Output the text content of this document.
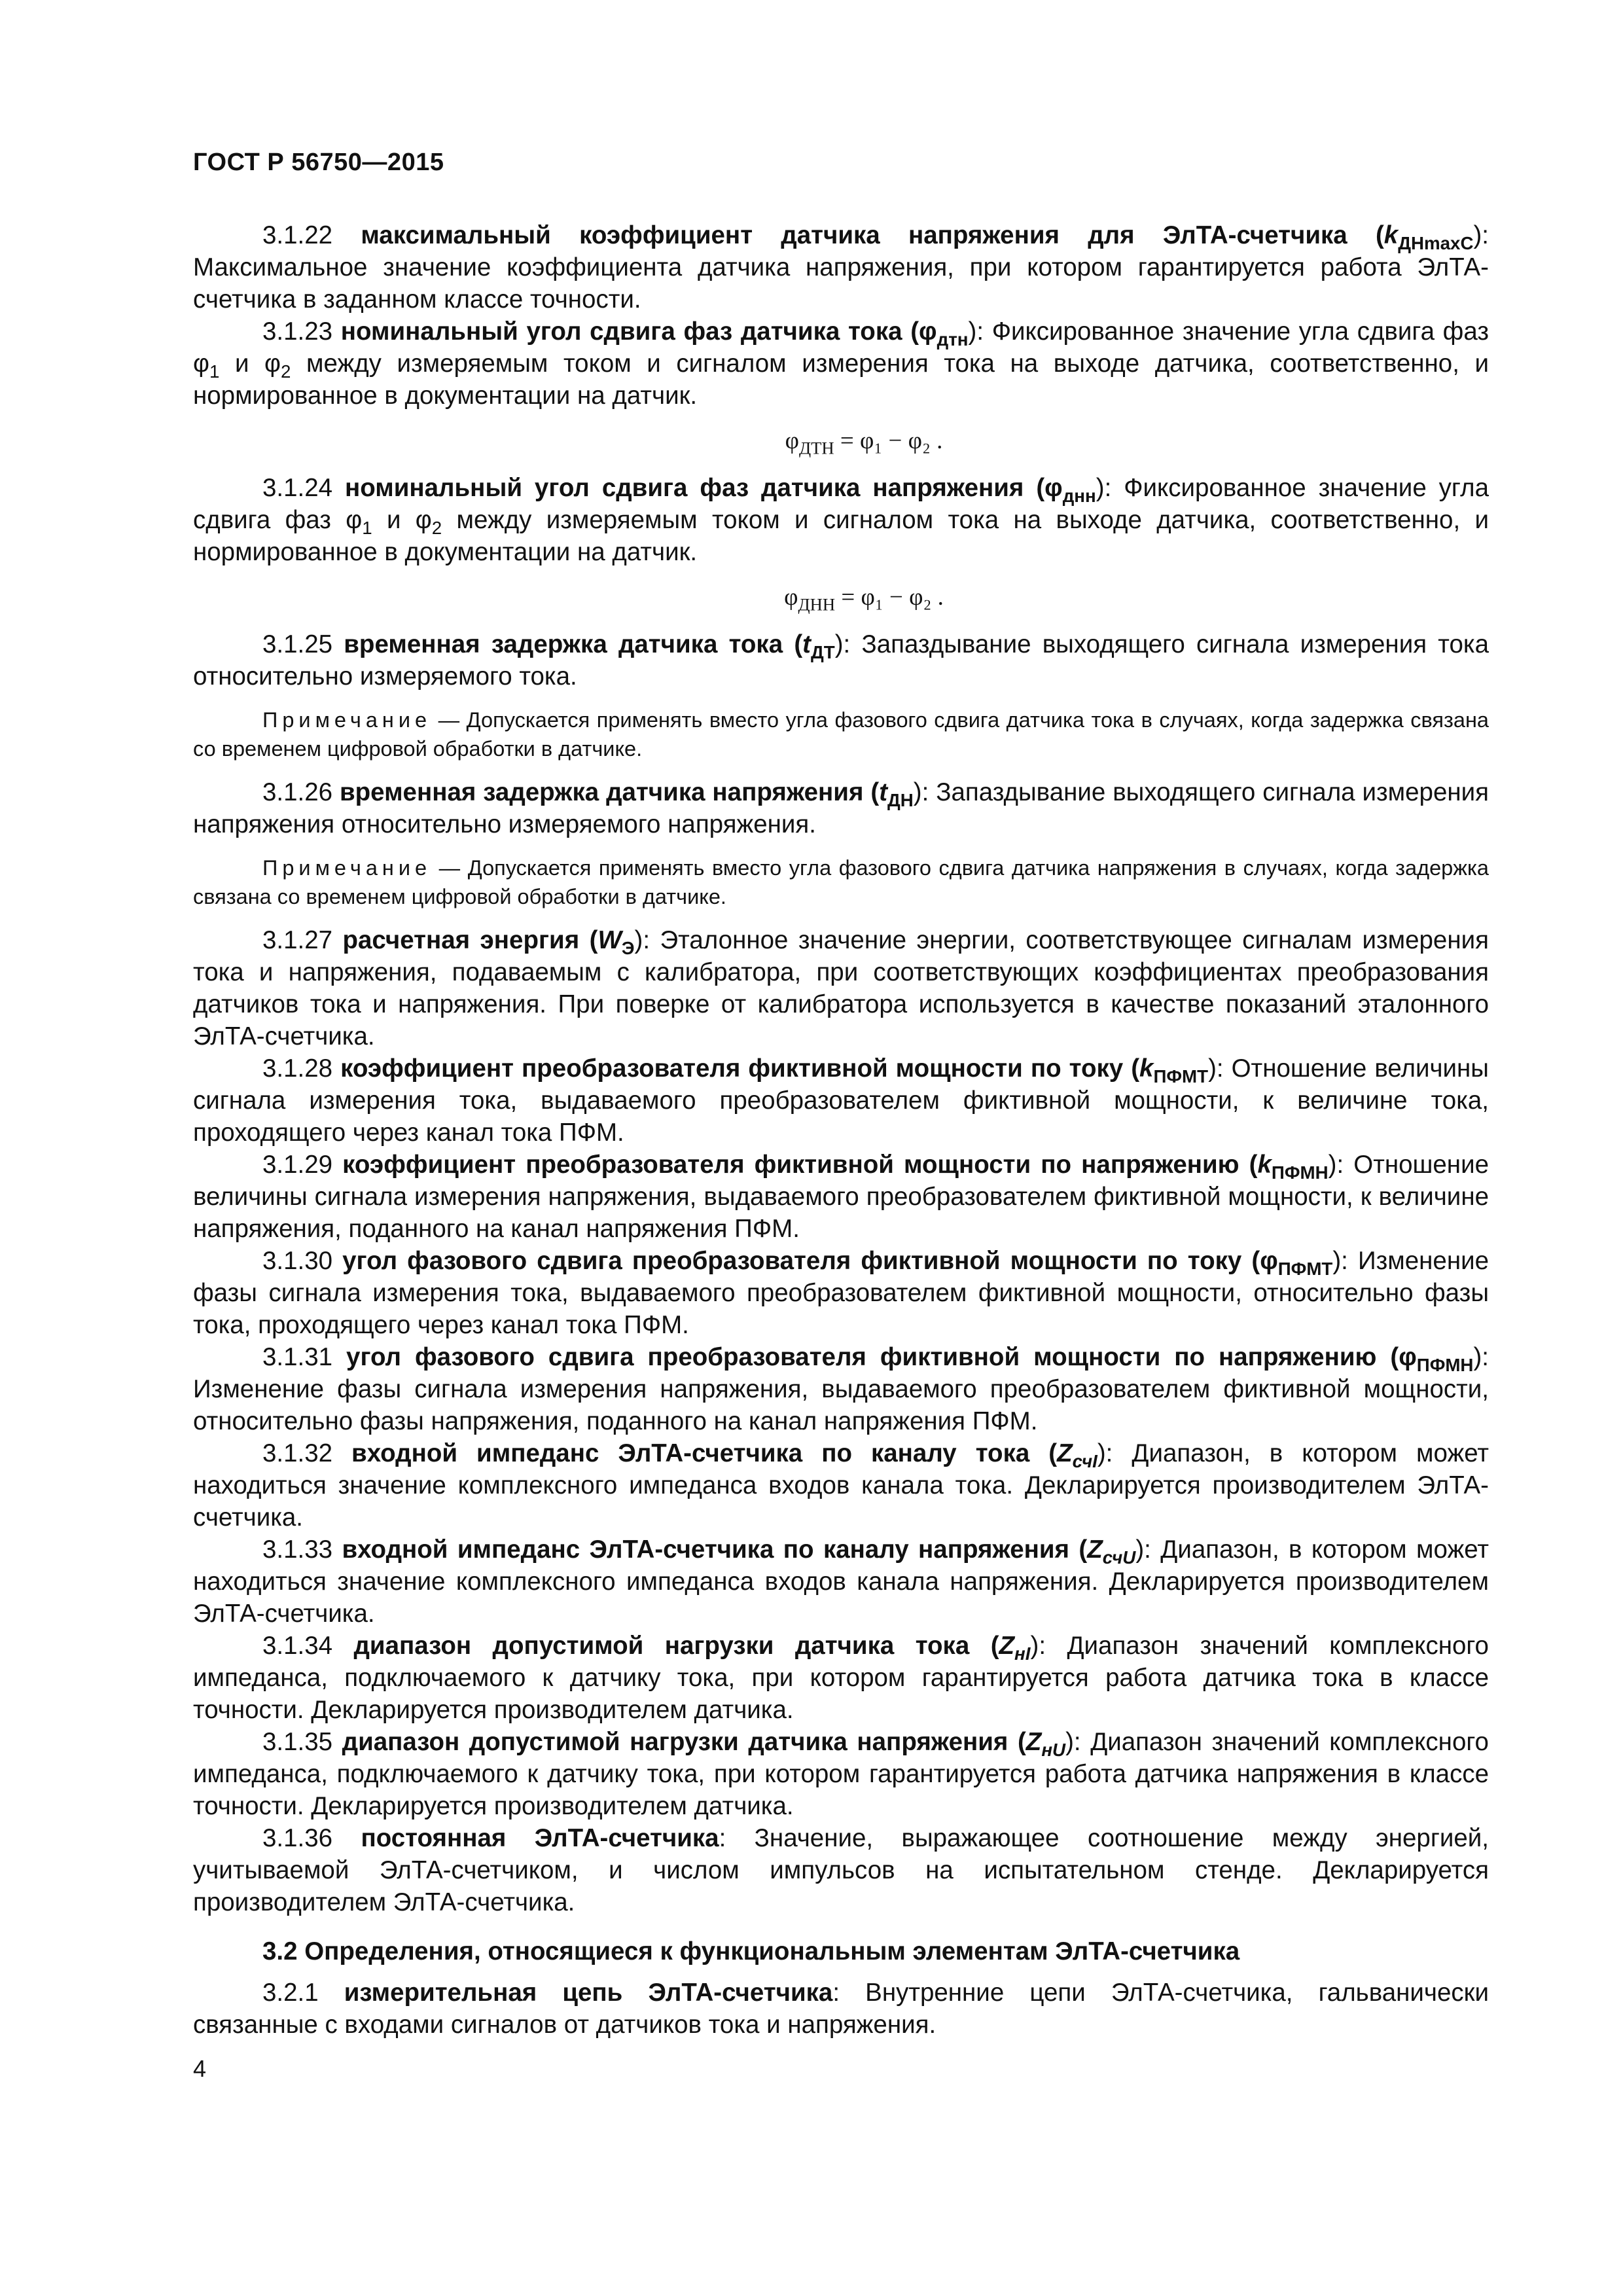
ГОСТ Р 56750—2015

3.1.22 максимальный коэффициент датчика напряжения для ЭлТА-счетчика $(k_{ДНmaxС})$: Максимальное значение коэффициента датчика напряжения, при котором гарантируется работа ЭлТА-счетчика в заданном классе точности.

3.1.23 номинальный угол сдвига фаз датчика тока $(\varphi_{дтн})$: Фиксированное значение угла сдвига фаз $\varphi_1$ и $\varphi_2$ между измеряемым током и сигналом измерения тока на выходе датчика, соответственно, и нормированное в документации на датчик.

$\varphi_{ДТН} = \varphi_1 - \varphi_2$ .

3.1.24 номинальный угол сдвига фаз датчика напряжения $(\varphi_{днн})$: Фиксированное значение угла сдвига фаз $\varphi_1$ и $\varphi_2$ между измеряемым током и сигналом тока на выходе датчика, соответственно, и нормированное в документации на датчик.

$\varphi_{ДНН} = \varphi_1 - \varphi_2$ .

3.1.25 временная задержка датчика тока $(t_{ДТ})$: Запаздывание выходящего сигнала измерения тока относительно измеряемого тока.

Примечание — Допускается применять вместо угла фазового сдвига датчика тока в случаях, когда задержка связана со временем цифровой обработки в датчике.

3.1.26 временная задержка датчика напряжения $(t_{ДН})$: Запаздывание выходящего сигнала измерения напряжения относительно измеряемого напряжения.

Примечание — Допускается применять вместо угла фазового сдвига датчика напряжения в случаях, когда задержка связана со временем цифровой обработки в датчике.

3.1.27 расчетная энергия $(W_Э)$: Эталонное значение энергии, соответствующее сигналам измерения тока и напряжения, подаваемым с калибратора, при соответствующих коэффициентах преобразования датчиков тока и напряжения. При поверке от калибратора используется в качестве показаний эталонного ЭлТА-счетчика.

3.1.28 коэффициент преобразователя фиктивной мощности по току $(k_{ПФМТ})$: Отношение величины сигнала измерения тока, выдаваемого преобразователем фиктивной мощности, к величине тока, проходящего через канал тока ПФМ.

3.1.29 коэффициент преобразователя фиктивной мощности по напряжению $(k_{ПФМН})$: Отношение величины сигнала измерения напряжения, выдаваемого преобразователем фиктивной мощности, к величине напряжения, поданного на канал напряжения ПФМ.

3.1.30 угол фазового сдвига преобразователя фиктивной мощности по току $(\varphi_{ПФМТ})$: Изменение фазы сигнала измерения тока, выдаваемого преобразователем фиктивной мощности, относительно фазы тока, проходящего через канал тока ПФМ.

3.1.31 угол фазового сдвига преобразователя фиктивной мощности по напряжению $(\varphi_{ПФМН})$: Изменение фазы сигнала измерения напряжения, выдаваемого преобразователем фиктивной мощности, относительно фазы напряжения, поданного на канал напряжения ПФМ.

3.1.32 входной импеданс ЭлТА-счетчика по каналу тока $(Z_{счI})$: Диапазон, в котором может находиться значение комплексного импеданса входов канала тока. Декларируется производителем ЭлТА-счетчика.

3.1.33 входной импеданс ЭлТА-счетчика по каналу напряжения $(Z_{счU})$: Диапазон, в котором может находиться значение комплексного импеданса входов канала напряжения. Декларируется производителем ЭлТА-счетчика.

3.1.34 диапазон допустимой нагрузки датчика тока $(Z_{нI})$: Диапазон значений комплексного импеданса, подключаемого к датчику тока, при котором гарантируется работа датчика тока в классе точности. Декларируется производителем датчика.

3.1.35 диапазон допустимой нагрузки датчика напряжения $(Z_{нU})$: Диапазон значений комплексного импеданса, подключаемого к датчику тока, при котором гарантируется работа датчика напряжения в классе точности. Декларируется производителем датчика.

3.1.36 постоянная ЭлТА-счетчика: Значение, выражающее соотношение между энергией, учитываемой ЭлТА-счетчиком, и числом импульсов на испытательном стенде. Декларируется производителем ЭлТА-счетчика.

3.2 Определения, относящиеся к функциональным элементам ЭлТА-счетчика

3.2.1 измерительная цепь ЭлТА-счетчика: Внутренние цепи ЭлТА-счетчика, гальванически связанные с входами сигналов от датчиков тока и напряжения.

4
